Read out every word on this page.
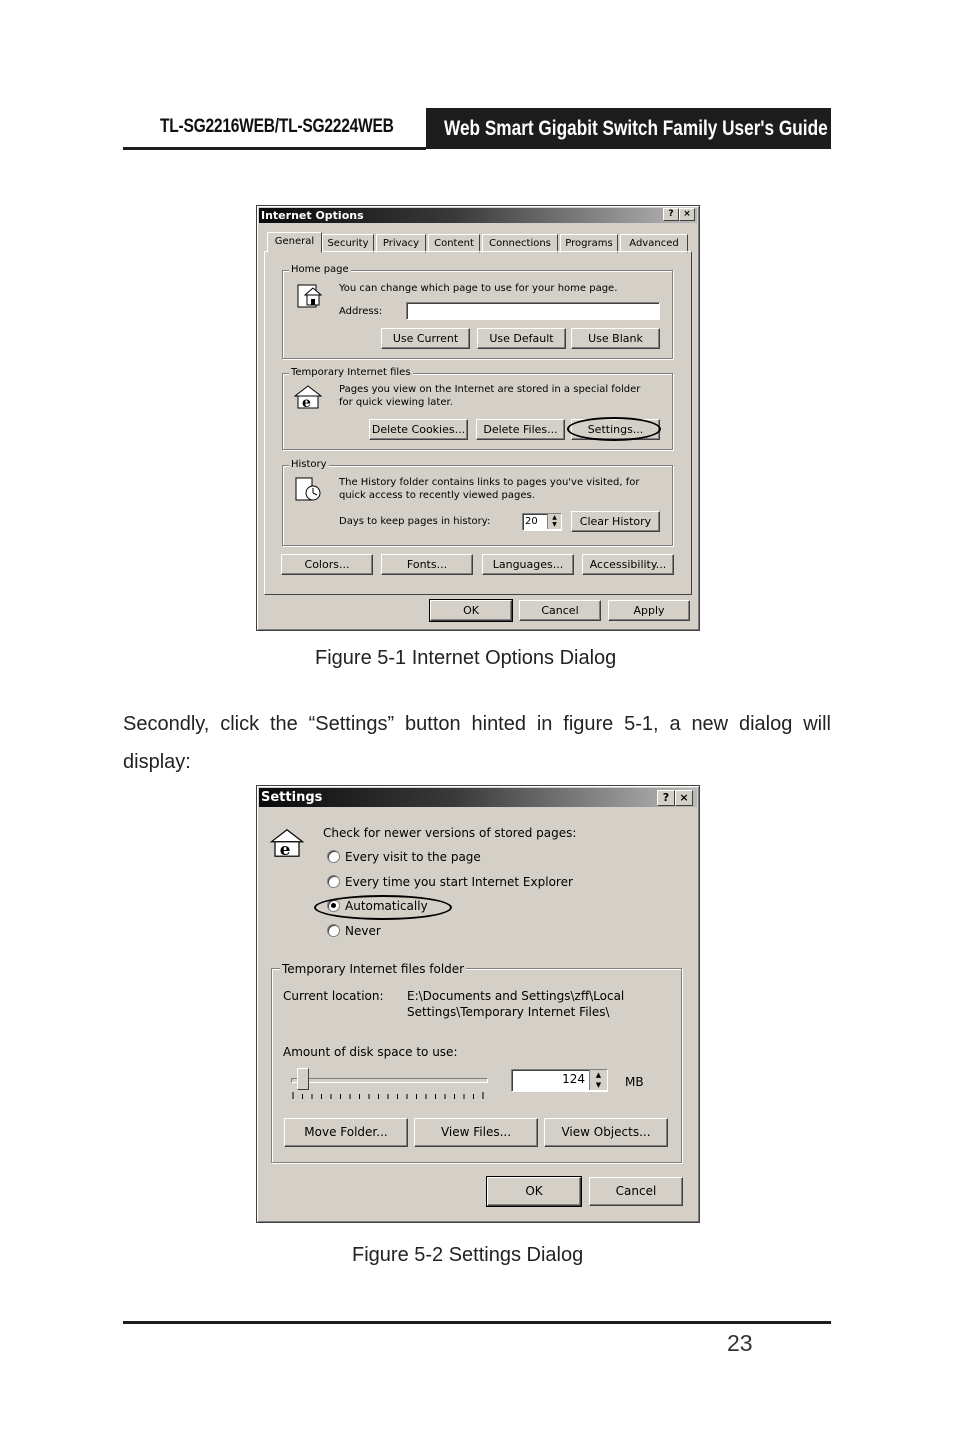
TL-SG2216WEB/TL-SG2224WEB Web Smart Gigabit Switch Family User's Guide
Internet Options	?	×
General	Security	Privacy	Content	Connections	Programs	Advanced
Home page
You can change which page to use for your home page.
Address:
Use Current	Use Default	Use Blank
Temporary Internet files
e
Pages you view on the Internet are stored in a special folder
for quick viewing later.
Delete Cookies...	Delete Files...	Settings...
History
The History folder contains links to pages you've visited, for
quick access to recently viewed pages.
Days to keep pages in history:	20	▲
▼	Clear History
Colors...	Fonts...	Languages...	Accessibility...
OK	Cancel	Apply
Figure 5-1 Internet Options Dialog
Secondly, click the “Settings” button hinted in figure 5-1, a new dialog will
display:
Settings	? ×
e
Check for newer versions of stored pages:
Every visit to the page
Every time you start Internet Explorer
Automatically
Never
Temporary Internet files folder
Current location: E:\Documents and Settings\zff\Local
Settings\Temporary Internet Files\
Amount of disk space to use:
124	▲
▼	MB
Move Folder...	View Files...	View Objects...
OK	Cancel
Figure 5-2 Settings Dialog
23
